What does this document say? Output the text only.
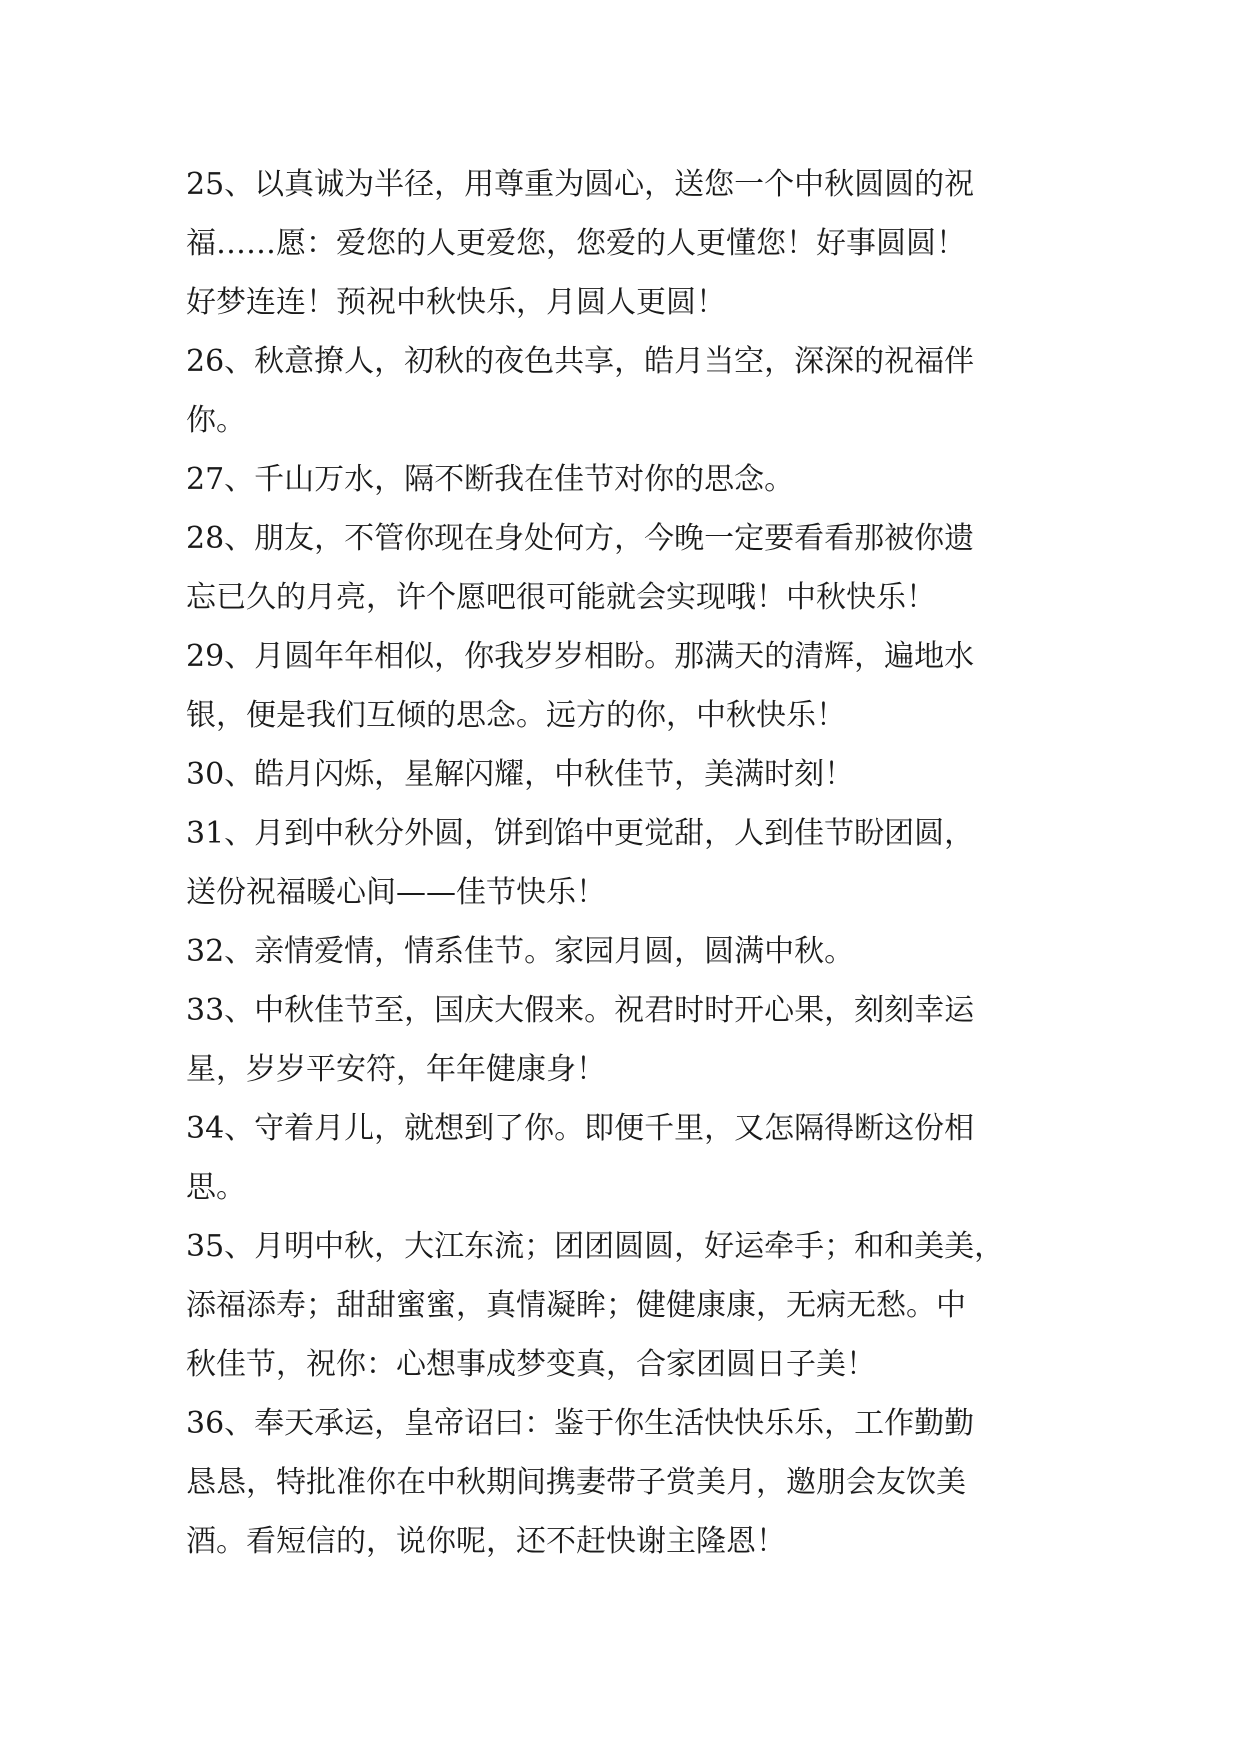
25、以真诚为半径，用尊重为圆心，送您一个中秋圆圆的祝
福……愿：爱您的人更爱您，您爱的人更懂您！好事圆圆！
好梦连连！预祝中秋快乐，月圆人更圆！
26、秋意撩人，初秋的夜色共享，皓月当空，深深的祝福伴
你。
27、千山万水，隔不断我在佳节对你的思念。
28、朋友，不管你现在身处何方，今晚一定要看看那被你遗
忘已久的月亮，许个愿吧很可能就会实现哦！中秋快乐！
29、月圆年年相似，你我岁岁相盼。那满天的清辉，遍地水
银，便是我们互倾的思念。远方的你，中秋快乐！
30、皓月闪烁，星解闪耀，中秋佳节，美满时刻！
31、月到中秋分外圆，饼到馅中更觉甜，人到佳节盼团圆，
送份祝福暖心间——佳节快乐！
32、亲情爱情，情系佳节。家园月圆，圆满中秋。
33、中秋佳节至，国庆大假来。祝君时时开心果，刻刻幸运
星，岁岁平安符，年年健康身！
34、守着月儿，就想到了你。即便千里，又怎隔得断这份相
思。
35、月明中秋，大江东流；团团圆圆，好运牵手；和和美美，
添福添寿；甜甜蜜蜜，真情凝眸；健健康康，无病无愁。中
秋佳节，祝你：心想事成梦变真，合家团圆日子美！
36、奉天承运，皇帝诏曰：鉴于你生活快快乐乐，工作勤勤
恳恳，特批准你在中秋期间携妻带子赏美月，邀朋会友饮美
酒。看短信的，说你呢，还不赶快谢主隆恩！
